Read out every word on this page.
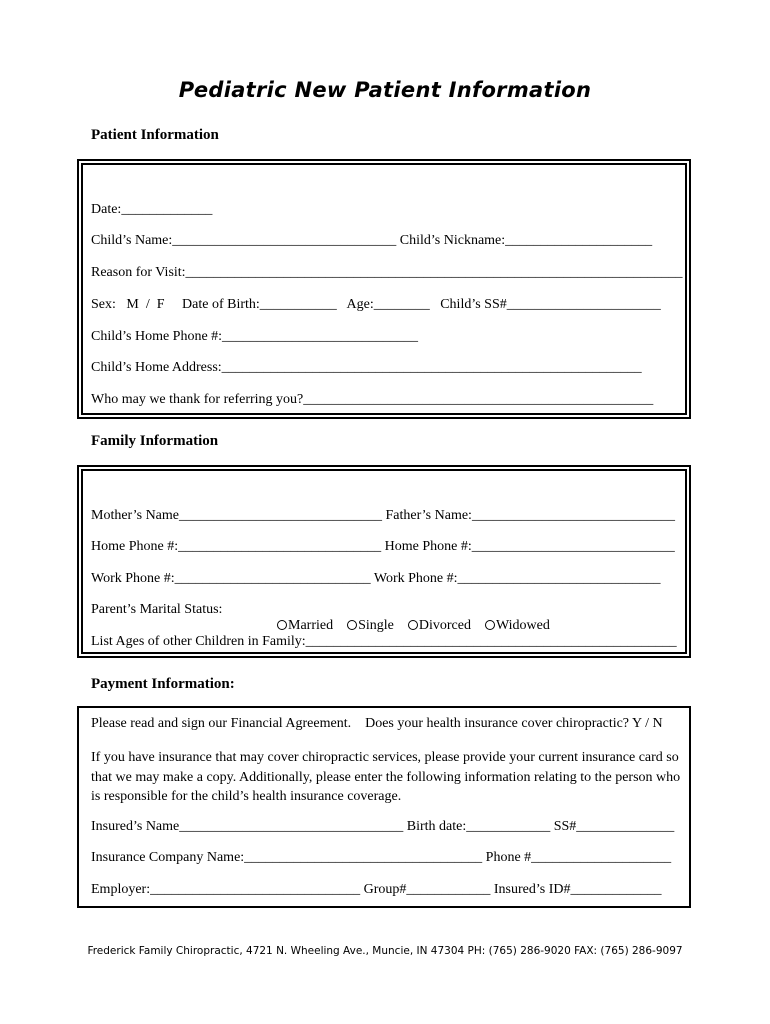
Pediatric New Patient Information
Patient Information
Date:_____________
Child’s Name:________________________________ Child’s Nickname:_____________________
Reason for Visit:_______________________________________________________________________
Sex:   M  /  F     Date of Birth:___________   Age:________   Child’s SS#______________________
Child’s Home Phone #:____________________________
Child’s Home Address:____________________________________________________________
Who may we thank for referring you?__________________________________________________
Family Information
Mother’s Name_____________________________ Father’s Name:_____________________________
Home Phone #:_____________________________ Home Phone #:_____________________________
Work Phone #:____________________________ Work Phone #:_____________________________
Parent’s Marital Status:

Married Single Divorced Widowed

List Ages of other Children in Family:_____________________________________________________
Payment Information:
Please read and sign our Financial Agreement.    Does your health insurance cover chiropractic? Y / N
If you have insurance that may cover chiropractic services, please provide your current insurance card so that we may make a copy. Additionally, please enter the following information relating to the person who is responsible for the child’s health insurance coverage.
Insured’s Name________________________________ Birth date:____________ SS#______________
Insurance Company Name:__________________________________ Phone #____________________
Employer:______________________________ Group#____________ Insured’s ID#_____________
Frederick Family Chiropractic, 4721 N. Wheeling Ave., Muncie, IN 47304 PH: (765) 286-9020 FAX: (765) 286-9097
